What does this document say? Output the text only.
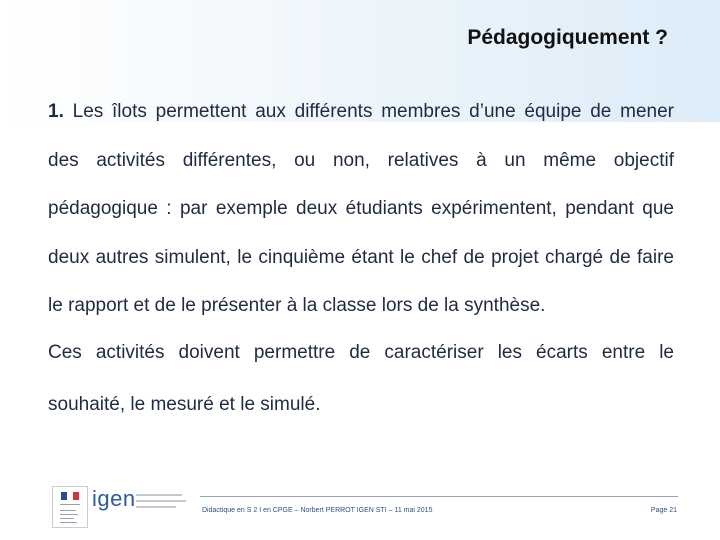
Pédagogiquement ?

1. Les îlots permettent aux différents membres d’une équipe de mener des activités différentes, ou non, relatives à un même objectif pédagogique : par exemple deux étudiants expérimentent, pendant que deux autres simulent, le cinquième étant le chef de projet chargé de faire le rapport et de le présenter à la classe lors de la synthèse.

Ces activités doivent permettre de caractériser les écarts entre le souhaité, le mesuré et le simulé.

igen	Didactique en S 2 I en CPGE – Norbert PERROT IGEN STI – 11 mai 2015	Page 21
